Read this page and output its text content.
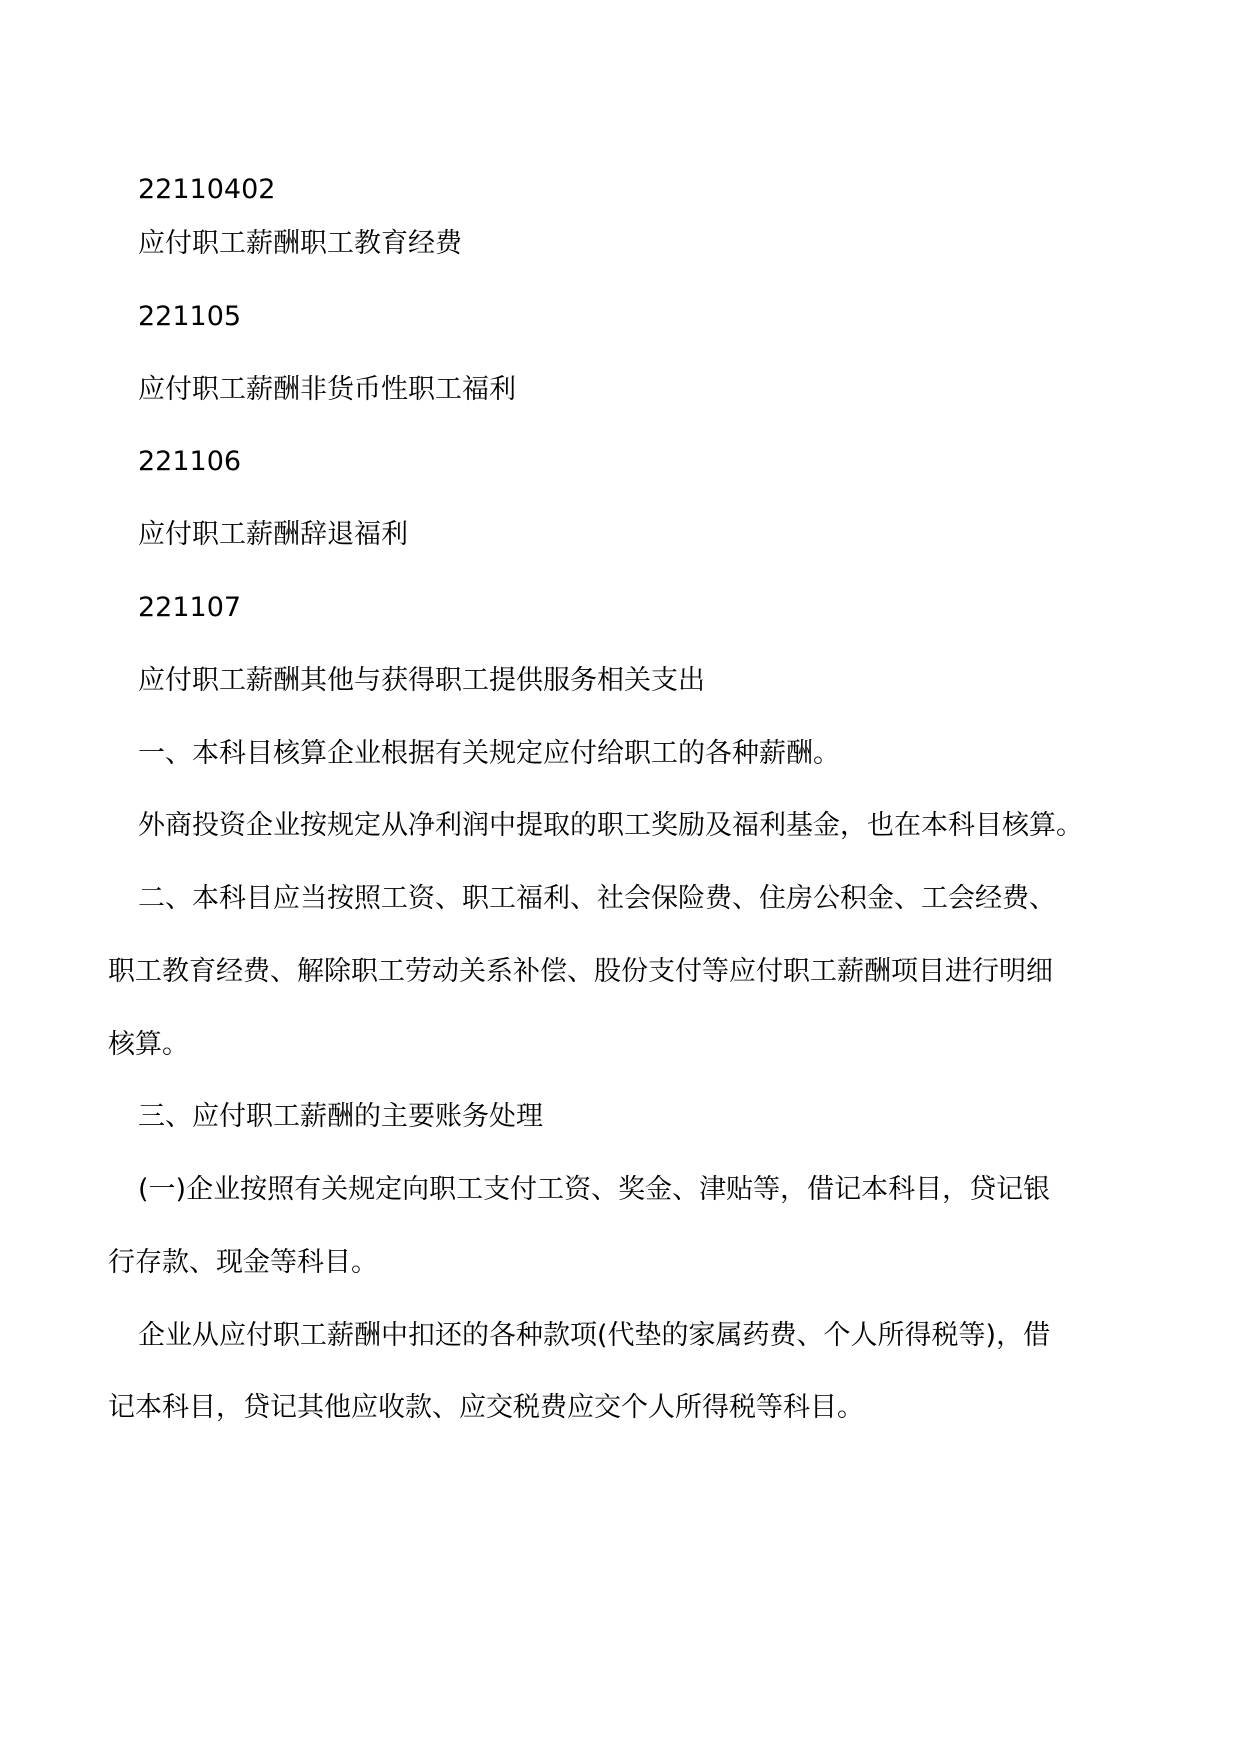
22110402

应付职工薪酬职工教育经费

221105

应付职工薪酬非货币性职工福利

221106

应付职工薪酬辞退福利

221107

应付职工薪酬其他与获得职工提供服务相关支出

一、本科目核算企业根据有关规定应付给职工的各种薪酬。

外商投资企业按规定从净利润中提取的职工奖励及福利基金，也在本科目核算。

二、本科目应当按照工资、职工福利、社会保险费、住房公积金、工会经费、

职工教育经费、解除职工劳动关系补偿、股份支付等应付职工薪酬项目进行明细

核算。

三、应付职工薪酬的主要账务处理

(一)企业按照有关规定向职工支付工资、奖金、津贴等，借记本科目，贷记银

行存款、现金等科目。

企业从应付职工薪酬中扣还的各种款项(代垫的家属药费、个人所得税等)，借

记本科目，贷记其他应收款、应交税费应交个人所得税等科目。
